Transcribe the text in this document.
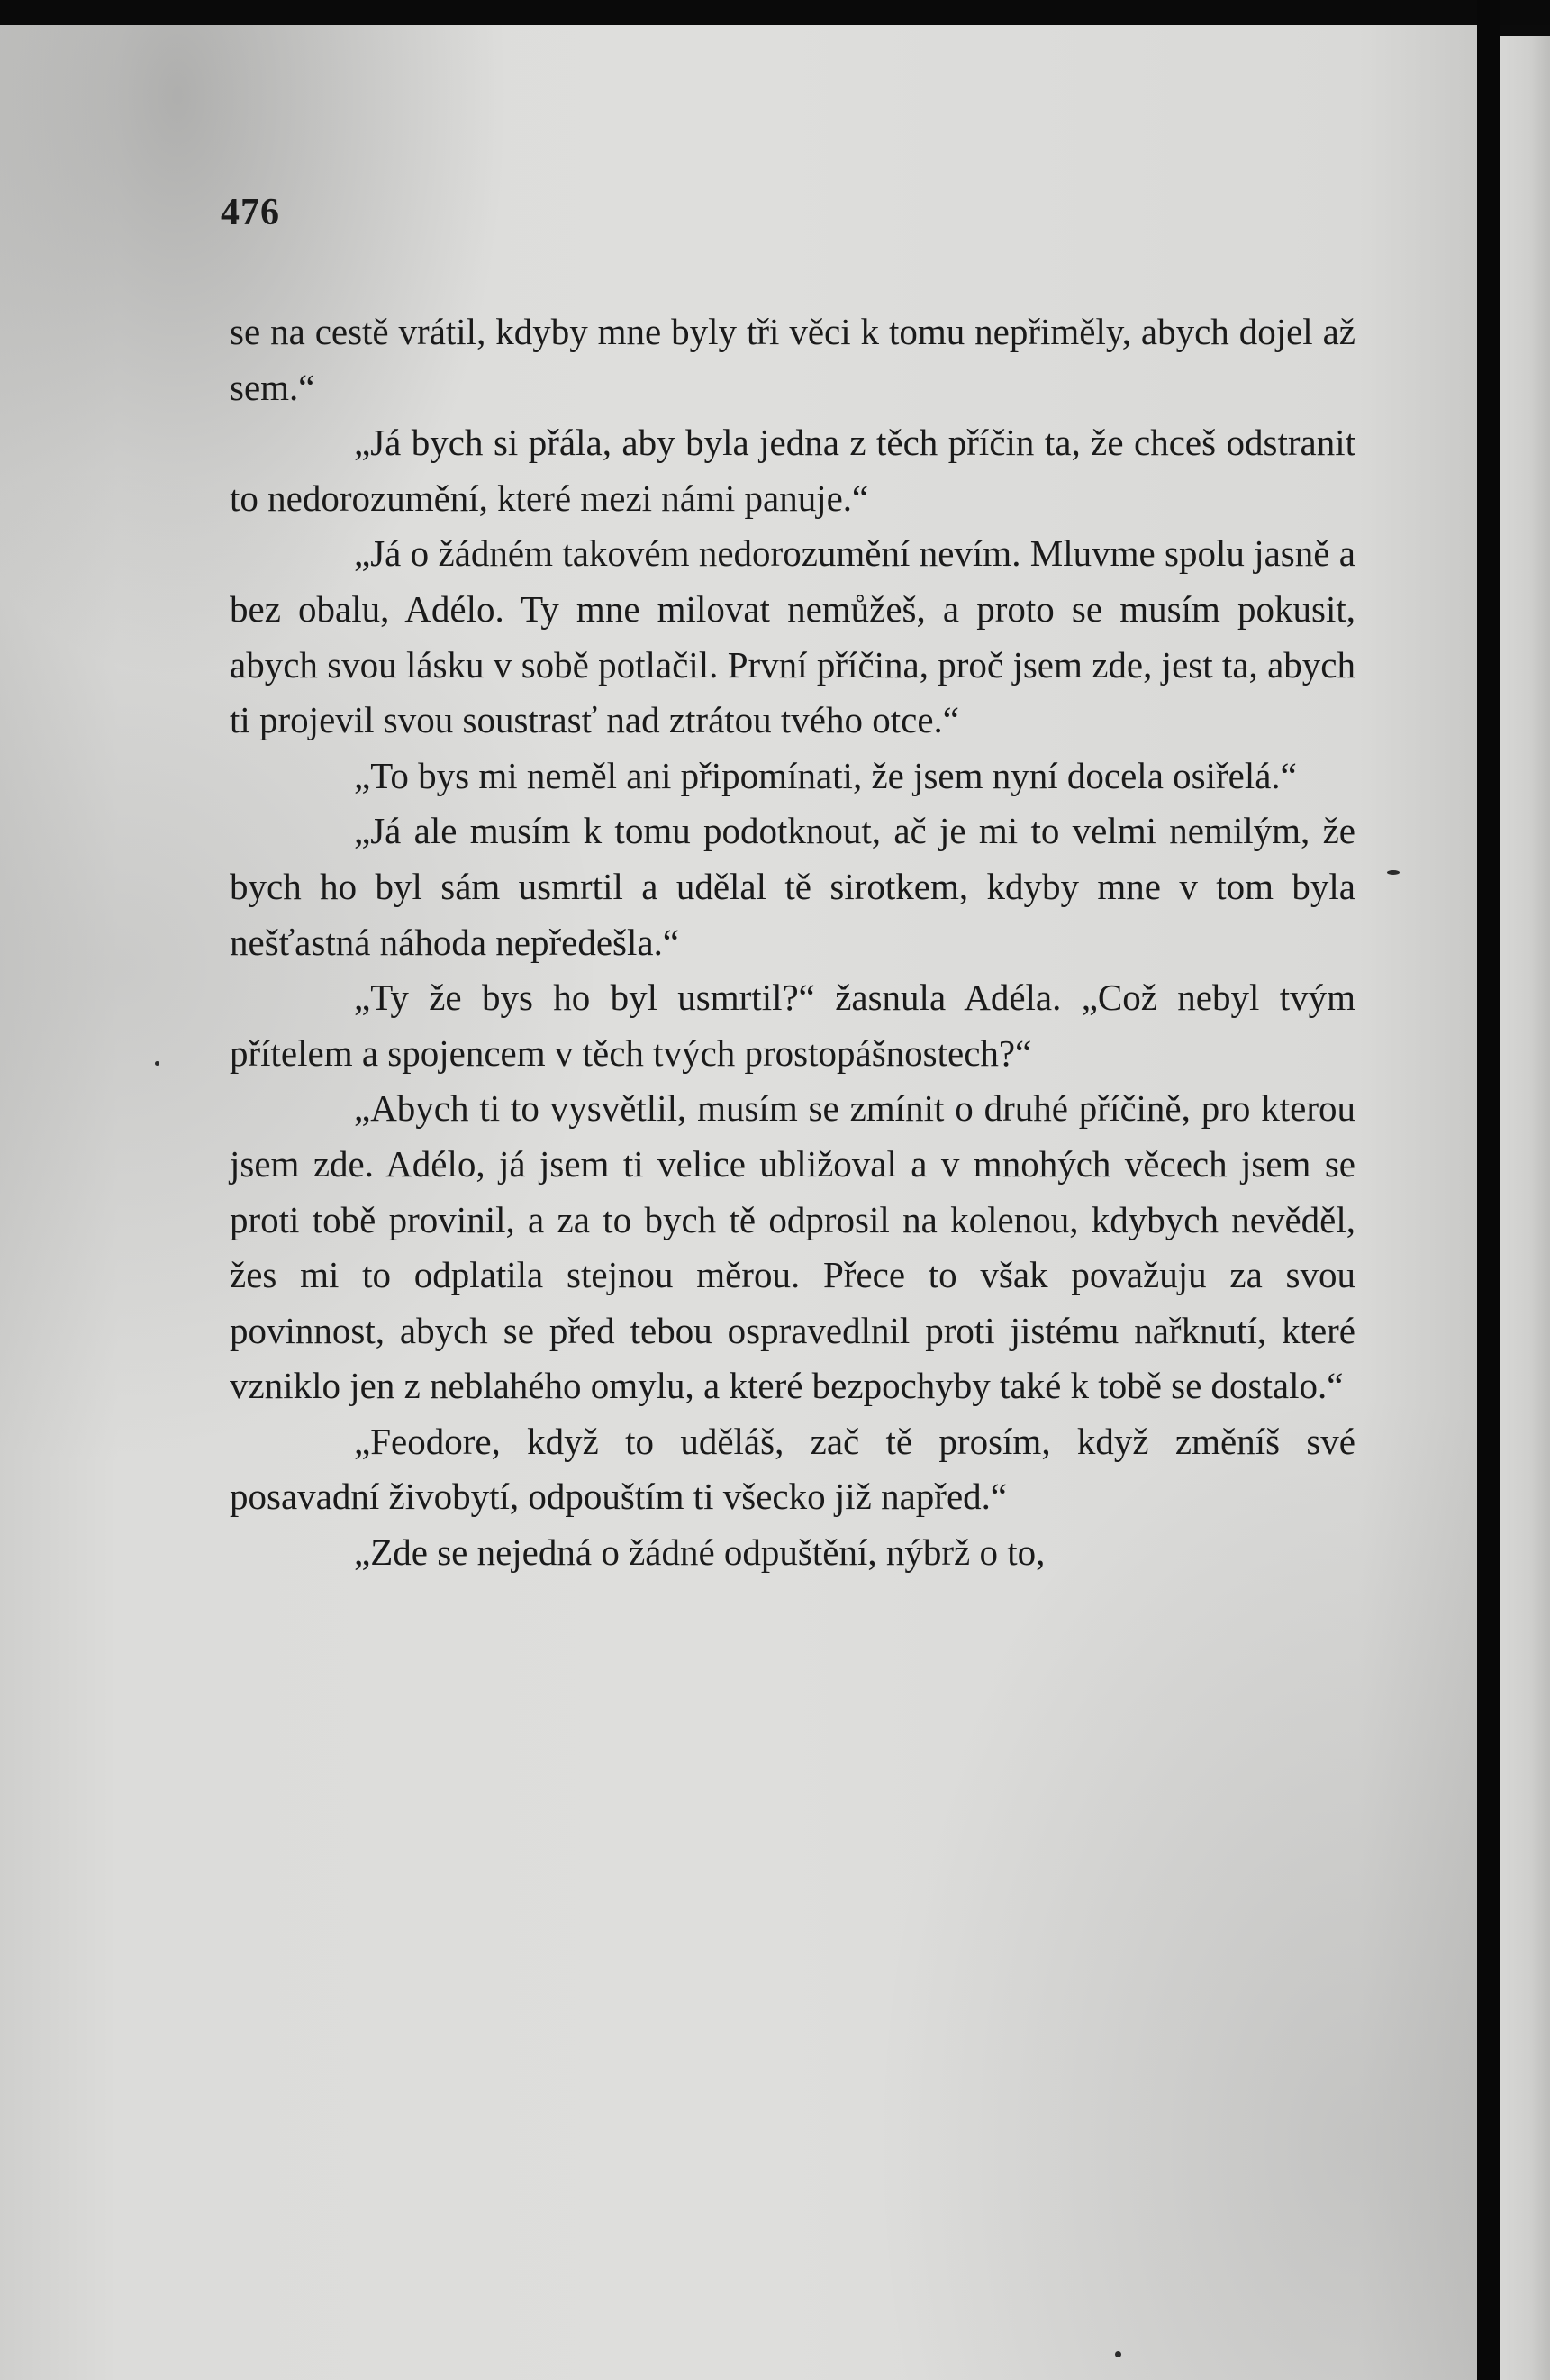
476

se na cestě vrátil, kdyby mne byly tři věci k tomu nepřiměly, abych dojel až sem.“

„Já bych si přála, aby byla jedna z těch příčin ta, že chceš odstranit to nedorozumění, které mezi námi panuje.“

„Já o žádném takovém nedorozumění nevím. Mluvme spolu jasně a bez obalu, Adélo. Ty mne milovat nemůžeš, a proto se musím pokusit, abych svou lásku v sobě potlačil. První příčina, proč jsem zde, jest ta, abych ti projevil svou soustrasť nad ztrátou tvého otce.“

„To bys mi neměl ani připomínati, že jsem nyní docela osiřelá.“

„Já ale musím k tomu podotknout, ač je mi to velmi nemilým, že bych ho byl sám usmrtil a udělal tě sirotkem, kdyby mne v tom byla nešťastná náhoda nepředešla.“

„Ty že bys ho byl usmrtil?“ žasnula Adéla. „Což nebyl tvým přítelem a spojencem v těch tvých prostopášnostech?“

„Abych ti to vysvětlil, musím se zmínit o druhé příčině, pro kterou jsem zde. Adélo, já jsem ti velice ubližoval a v mnohých věcech jsem se proti tobě provinil, a za to bych tě odprosil na kolenou, kdybych nevěděl, žes mi to odplatila stejnou měrou. Přece to však považuju za svou povinnost, abych se před tebou ospravedlnil proti jistému nařknutí, které vzniklo jen z neblahého omylu, a které bezpochyby také k tobě se dostalo.“

„Feodore, když to uděláš, zač tě prosím, když změníš své posavadní živobytí, odpouštím ti všecko již napřed.“

„Zde se nejedná o žádné odpuštění, nýbrž o to,
